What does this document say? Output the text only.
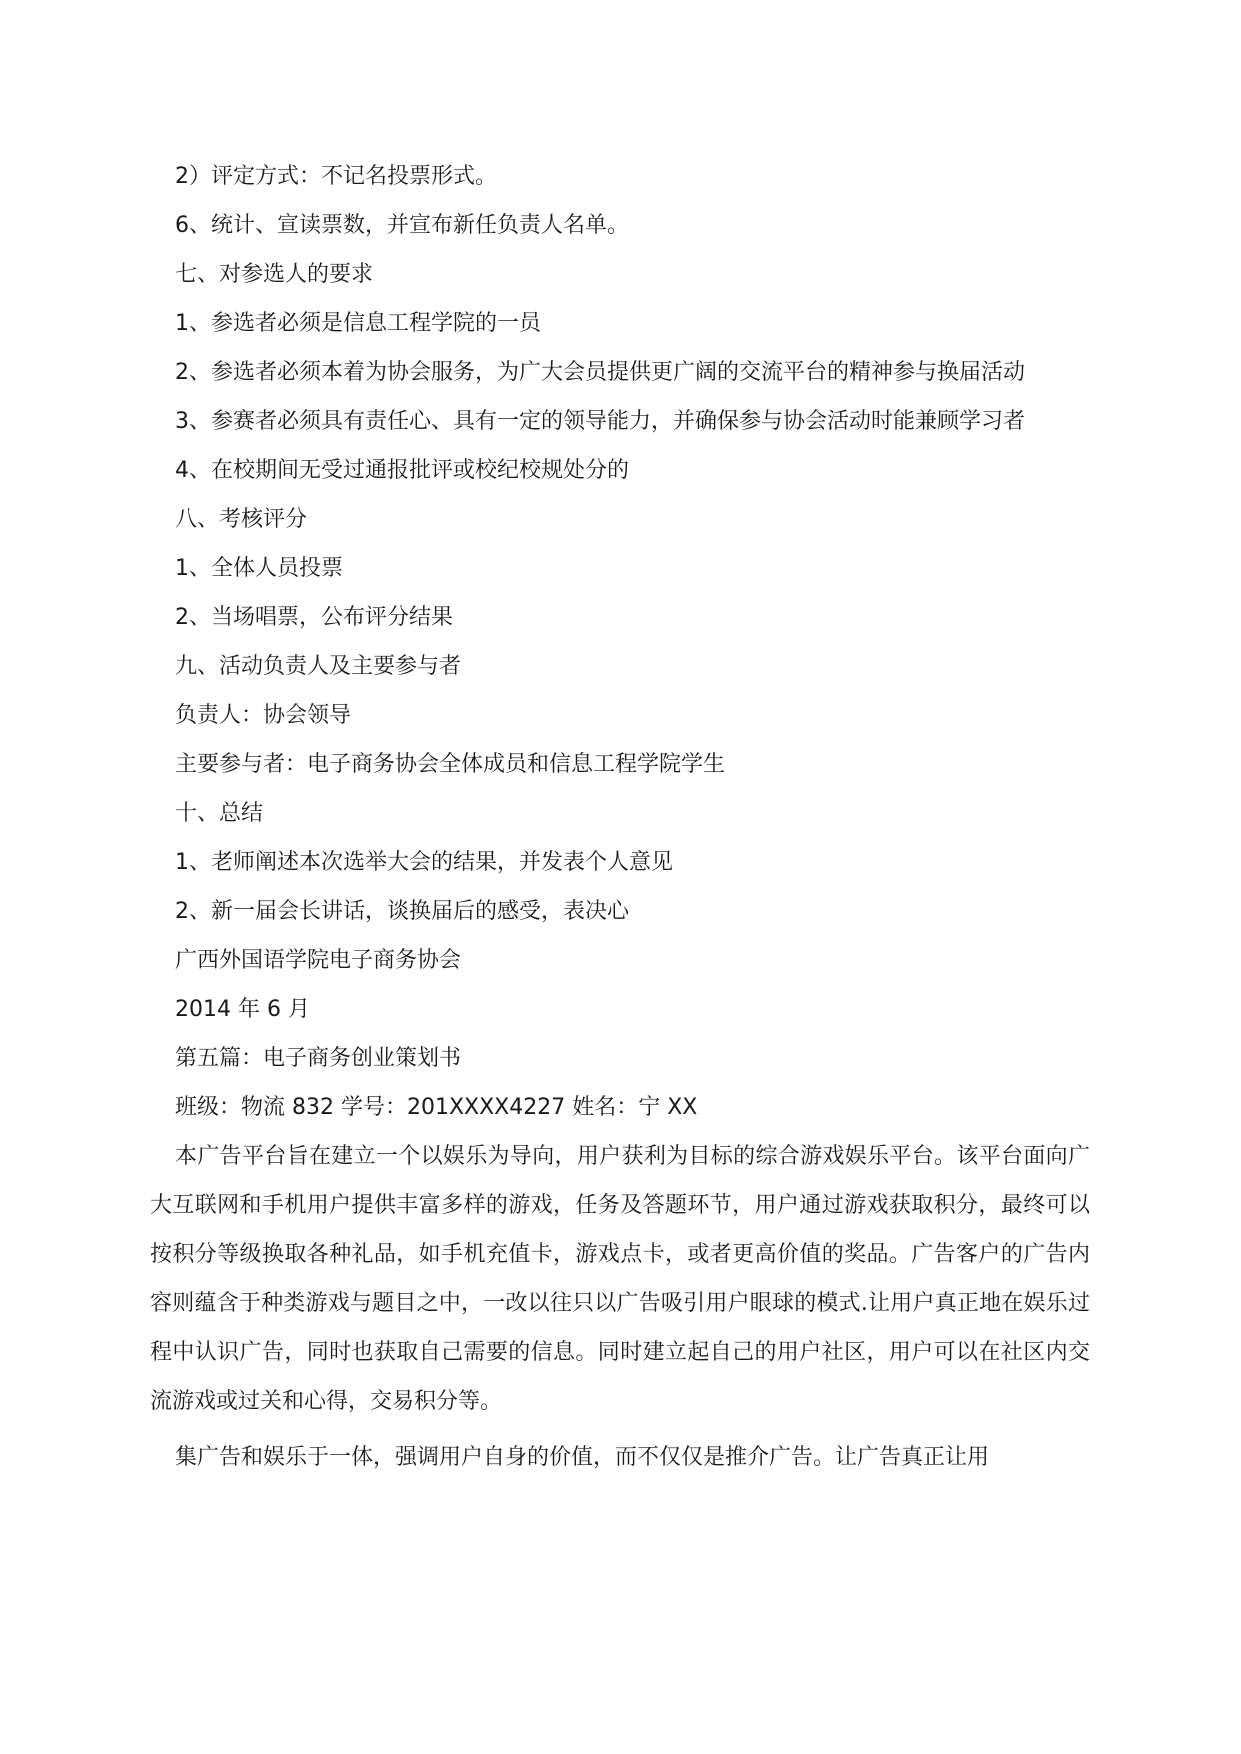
2）评定方式：不记名投票形式。

6、统计、宣读票数，并宣布新任负责人名单。

七、对参选人的要求

1、参选者必须是信息工程学院的一员

2、参选者必须本着为协会服务，为广大会员提供更广阔的交流平台的精神参与换届活动

3、参赛者必须具有责任心、具有一定的领导能力，并确保参与协会活动时能兼顾学习者

4、在校期间无受过通报批评或校纪校规处分的

八、考核评分

1、全体人员投票

2、当场唱票，公布评分结果

九、活动负责人及主要参与者

负责人：协会领导

主要参与者：电子商务协会全体成员和信息工程学院学生

十、总结

1、老师阐述本次选举大会的结果，并发表个人意见

2、新一届会长讲话，谈换届后的感受，表决心

广西外国语学院电子商务协会

2014 年 6 月

第五篇：电子商务创业策划书

班级：物流 832 学号：201XXXX4227 姓名：宁 XX

本广告平台旨在建立一个以娱乐为导向，用户获利为目标的综合游戏娱乐平台。该平台面向广大互联网和手机用户提供丰富多样的游戏，任务及答题环节，用户通过游戏获取积分，最终可以按积分等级换取各种礼品，如手机充值卡，游戏点卡，或者更高价值的奖品。广告客户的广告内容则蕴含于种类游戏与题目之中，一改以往只以广告吸引用户眼球的模式.让用户真正地在娱乐过程中认识广告，同时也获取自己需要的信息。同时建立起自己的用户社区，用户可以在社区内交流游戏或过关和心得，交易积分等。

集广告和娱乐于一体，强调用户自身的价值，而不仅仅是推介广告。让广告真正让用
